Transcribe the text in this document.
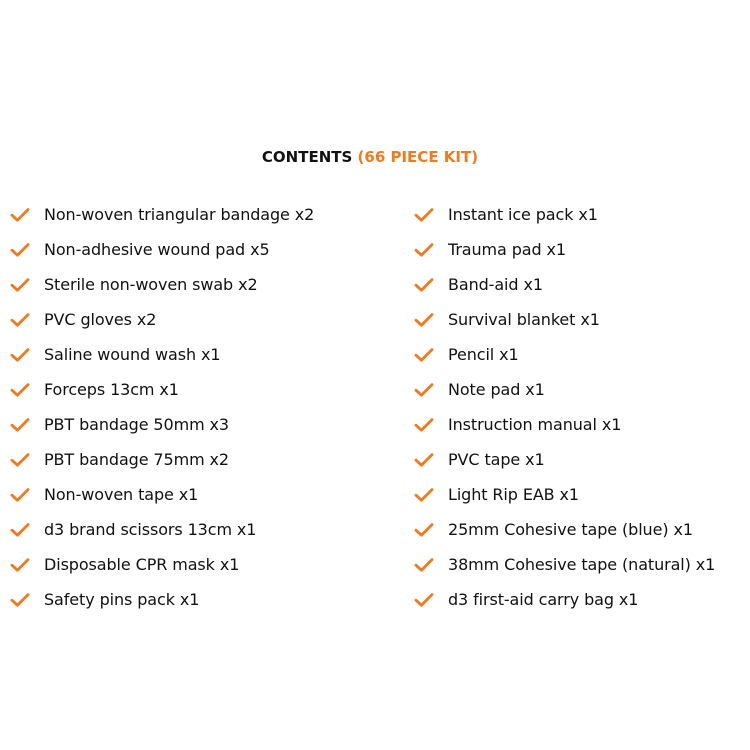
CONTENTS (66 PIECE KIT)
Non-woven triangular bandage x2
Non-adhesive wound pad x5
Sterile non-woven swab x2
PVC gloves x2
Saline wound wash x1
Forceps 13cm x1
PBT bandage 50mm x3
PBT bandage 75mm x2
Non-woven tape x1
d3 brand scissors 13cm x1
Disposable CPR mask x1
Safety pins pack x1
Instant ice pack x1
Trauma pad x1
Band-aid x1
Survival blanket x1
Pencil x1
Note pad x1
Instruction manual x1
PVC tape x1
Light Rip EAB x1
25mm Cohesive tape (blue) x1
38mm Cohesive tape (natural) x1
d3 first-aid carry bag x1
